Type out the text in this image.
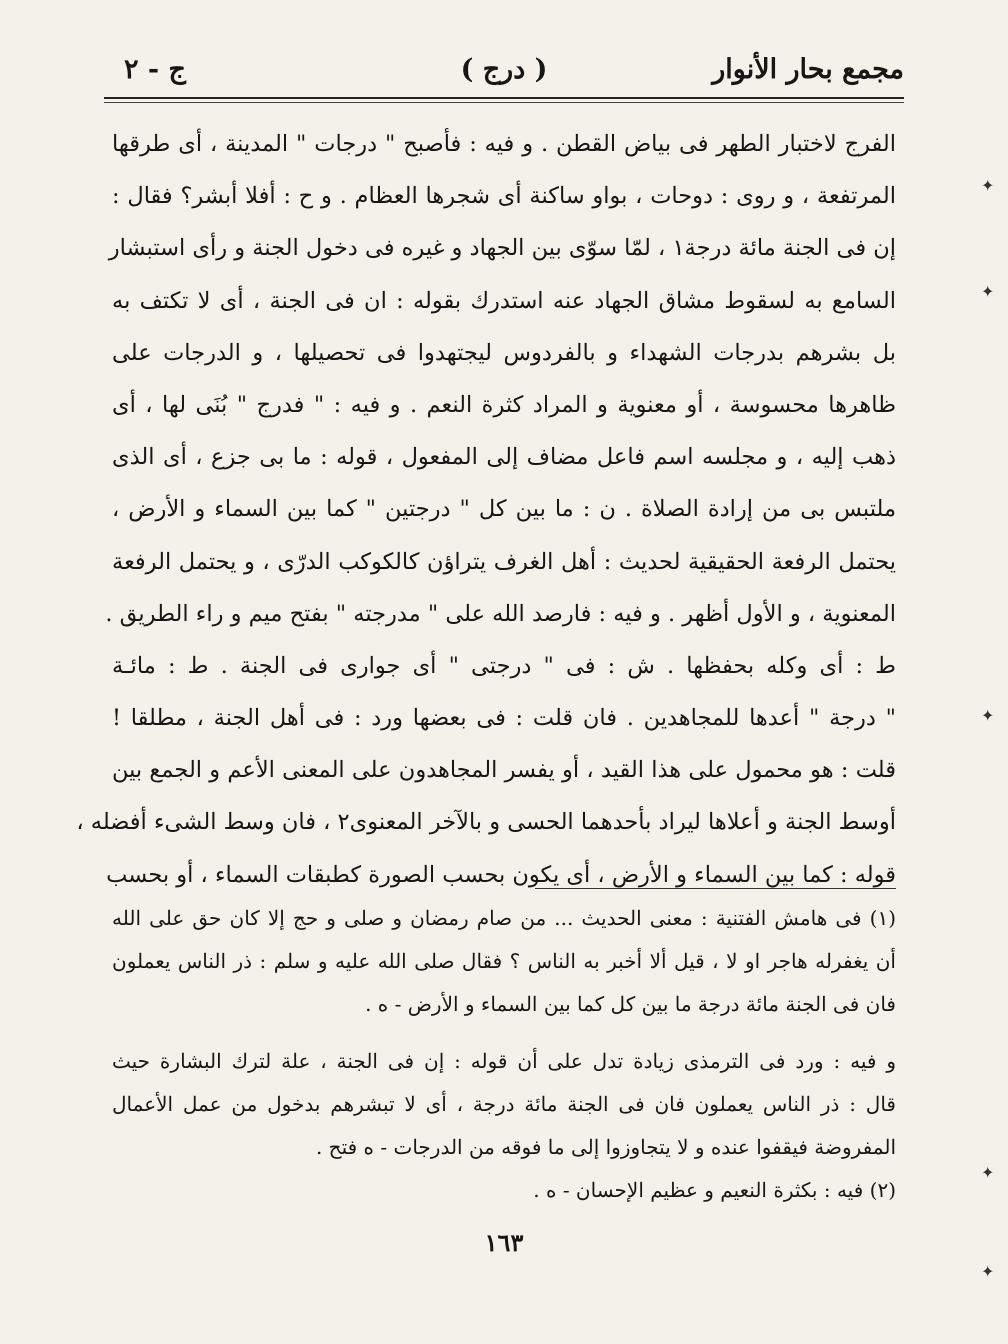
مجمع بحار الأنوار
( درج )
ج - ٢
الفرج لاختبار الطهر فى بياض القطن . و فيه : فأصبح " درجات " المدينة ، أى طرقها
المرتفعة ، و روى : دوحات ، بواو ساكنة أى شجرها العظام . و ح : أفلا أبشر؟ فقال :
إن فى الجنة مائة درجة١ ، لمّا سوّى بين الجهاد و غيره فى دخول الجنة و رأى استبشار
السامع به لسقوط مشاق الجهاد عنه استدرك بقوله : ان فى الجنة ، أى لا تكتف به
بل بشرهم بدرجات الشهداء و بالفردوس ليجتهدوا فى تحصيلها ، و الدرجات على
ظاهرها محسوسة ، أو معنوية و المراد كثرة النعم . و فيه : " فدرج " بُنَى لها ، أى
ذهب إليه ، و مجلسه اسم فاعل مضاف إلى المفعول ، قوله : ما بى جزع ، أى الذى
ملتبس بى من إرادة الصلاة . ن : ما بين كل " درجتين " كما بين السماء و الأرض ،
يحتمل الرفعة الحقيقية لحديث : أهل الغرف يتراؤن كالكوكب الدرّى ، و يحتمل الرفعة
المعنوية ، و الأول أظهر . و فيه : فارصد الله على " مدرجته " بفتح ميم و راء الطريق .
ط : أى وكله بحفظها . ش : فى " درجتى " أى جوارى فى الجنة . ط : مائـة
" درجة " أعدها للمجاهدين . فان قلت : فى بعضها ورد : فى أهل الجنة ، مطلقا !
قلت : هو محمول على هذا القيد ، أو يفسر المجاهدون على المعنى الأعم و الجمع بين
أوسط الجنة و أعلاها ليراد بأحدهما الحسى و بالآخر المعنوى٢ ، فان وسط الشىء أفضله ،
قوله : كما بين السماء و الأرض ، أى يكون بحسب الصورة كطبقات السماء ، أو بحسب
(١) فى هامش الفتنية : معنى الحديث ... من صام رمضان و صلى و حج إلا كان حق على الله
أن يغفرله هاجر او لا ، قيل ألا أخبر به الناس ؟ فقال صلى الله عليه و سلم : ذر الناس يعملون
فان فى الجنة مائة درجة ما بين كل كما بين السماء و الأرض - ه .
و فيه : ورد فى الترمذى زيادة تدل على أن قوله : إن فى الجنة ، علة لترك البشارة حيث
قال : ذر الناس يعملون فان فى الجنة مائة درجة ، أى لا تبشرهم بدخول من عمل الأعمال
المفروضة فيقفوا عنده و لا يتجاوزوا إلى ما فوقه من الدرجات - ه فتح .
(٢) فيه : بكثرة النعيم و عظيم الإحسان - ه .
١٦٣
✦
✦
✦
✦
✦
